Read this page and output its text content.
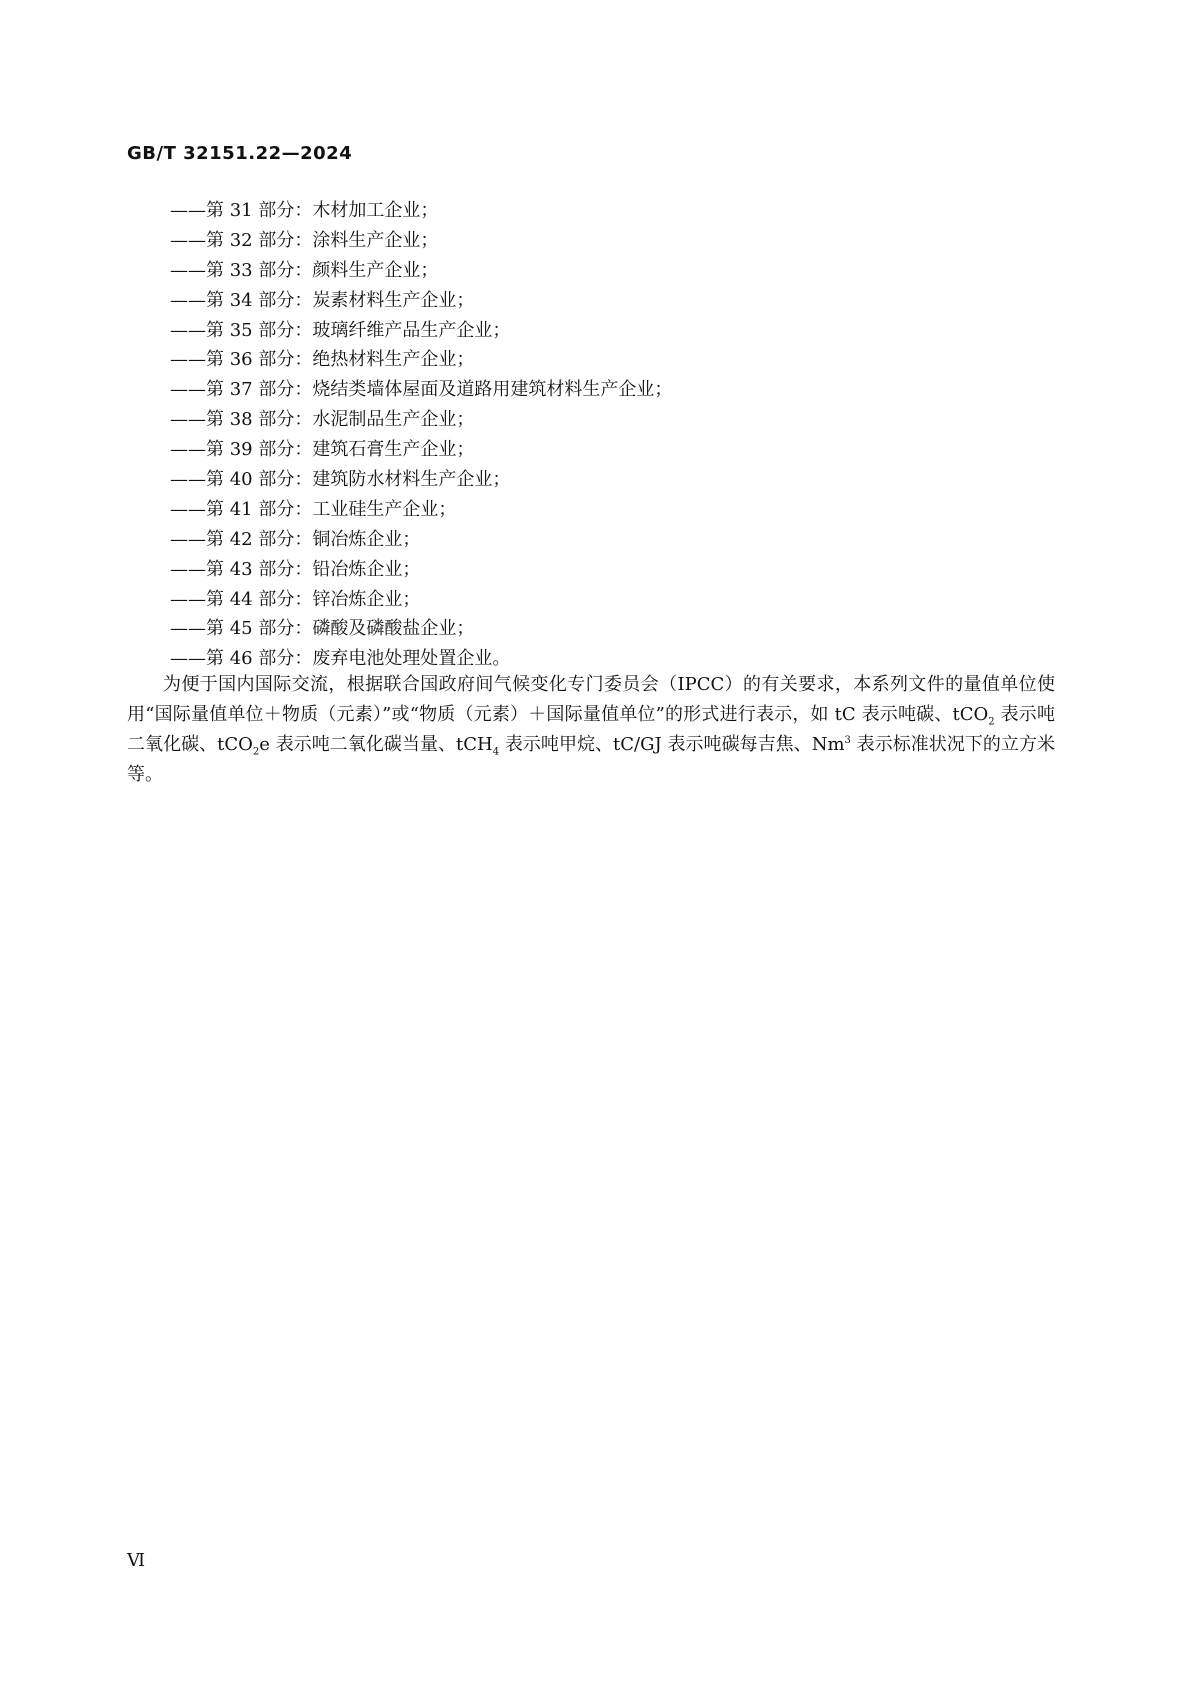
GB/T 32151.22—2024
——第 31 部分：木材加工企业；
——第 32 部分：涂料生产企业；
——第 33 部分：颜料生产企业；
——第 34 部分：炭素材料生产企业；
——第 35 部分：玻璃纤维产品生产企业；
——第 36 部分：绝热材料生产企业；
——第 37 部分：烧结类墙体屋面及道路用建筑材料生产企业；
——第 38 部分：水泥制品生产企业；
——第 39 部分：建筑石膏生产企业；
——第 40 部分：建筑防水材料生产企业；
——第 41 部分：工业硅生产企业；
——第 42 部分：铜冶炼企业；
——第 43 部分：铅冶炼企业；
——第 44 部分：锌冶炼企业；
——第 45 部分：磷酸及磷酸盐企业；
——第 46 部分：废弃电池处理处置企业。

为便于国内国际交流，根据联合国政府间气候变化专门委员会（IPCC）的有关要求，本系列文件的量值单位使用“国际量值单位＋物质（元素）”或“物质（元素）＋国际量值单位”的形式进行表示，如 tC 表示吨碳、tCO$_2$ 表示吨二氧化碳、tCO$_2$e 表示吨二氧化碳当量、tCH$_4$ 表示吨甲烷、tC/GJ 表示吨碳每吉焦、Nm$^3$ 表示标准状况下的立方米等。

Ⅵ
